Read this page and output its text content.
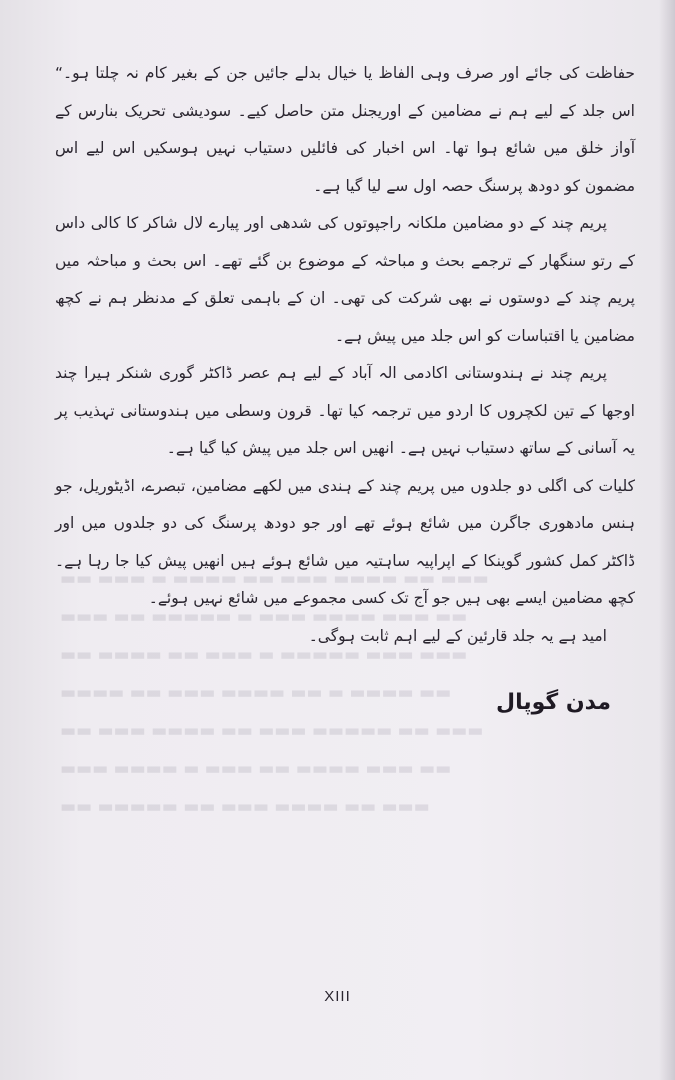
▬▬ ▬▬▬ ▬ ▬▬▬▬ ▬▬ ▬▬▬ ▬▬▬▬ ▬▬ ▬▬▬
▬▬▬ ▬▬ ▬▬▬▬▬ ▬ ▬▬▬ ▬▬▬▬ ▬▬▬ ▬▬
▬▬ ▬▬▬▬ ▬▬ ▬▬▬ ▬ ▬▬▬▬▬ ▬▬▬ ▬▬▬
▬▬▬▬ ▬▬ ▬▬▬ ▬▬▬▬ ▬▬ ▬ ▬▬▬▬ ▬▬
▬▬ ▬▬▬ ▬▬▬▬ ▬▬ ▬▬▬ ▬▬▬▬▬ ▬▬ ▬▬▬
▬▬▬ ▬▬▬▬ ▬ ▬▬▬ ▬▬ ▬▬▬▬ ▬▬▬ ▬▬
▬▬ ▬▬▬▬▬ ▬▬ ▬▬▬ ▬▬▬▬ ▬▬ ▬▬▬

حفاظت کی جائے اور صرف وہی الفاظ یا خیال بدلے جائیں جن کے بغیر کام نہ چلتا ہو۔“ اس جلد کے لیے ہم نے مضامین کے اوریجنل متن حاصل کیے۔ سودیشی تحریک بنارس کے آواز خلق میں شائع ہوا تھا۔ اس اخبار کی فائلیں دستیاب نہیں ہوسکیں اس لیے اس مضمون کو دودھ پرسنگ حصہ اول سے لیا گیا ہے۔

پریم چند کے دو مضامین ملکانہ راجپوتوں کی شدھی اور پیارے لال شاکر کا کالی داس کے رتو سنگھار کے ترجمے بحث و مباحثہ کے موضوع بن گئے تھے۔ اس بحث و مباحثہ میں پریم چند کے دوستوں نے بھی شرکت کی تھی۔ ان کے باہمی تعلق کے مدنظر ہم نے کچھ مضامین یا اقتباسات کو اس جلد میں پیش ہے۔

پریم چند نے ہندوستانی اکادمی الہ آباد کے لیے ہم عصر ڈاکٹر گوری شنکر ہیرا چند اوجھا کے تین لکچروں کا اردو میں ترجمہ کیا تھا۔ قرون وسطی میں ہندوستانی تہذیب پر یہ آسانی کے ساتھ دستیاب نہیں ہے۔ انھیں اس جلد میں پیش کیا گیا ہے۔

کلیات کی اگلی دو جلدوں میں پریم چند کے ہندی میں لکھے مضامین، تبصرے، اڈیٹوریل، جو ہنس مادھوری جاگرن میں شائع ہوئے تھے اور جو دودھ پرسنگ کی دو جلدوں میں اور ڈاکٹر کمل کشور گوینکا کے اپراپیہ ساہتیہ میں شائع ہوئے ہیں انھیں پیش کیا جا رہا ہے۔ کچھ مضامین ایسے بھی ہیں جو آج تک کسی مجموعے میں شائع نہیں ہوئے۔

امید ہے یہ جلد قارئین کے لیے اہم ثابت ہوگی۔

مدن گوپال
XIII
